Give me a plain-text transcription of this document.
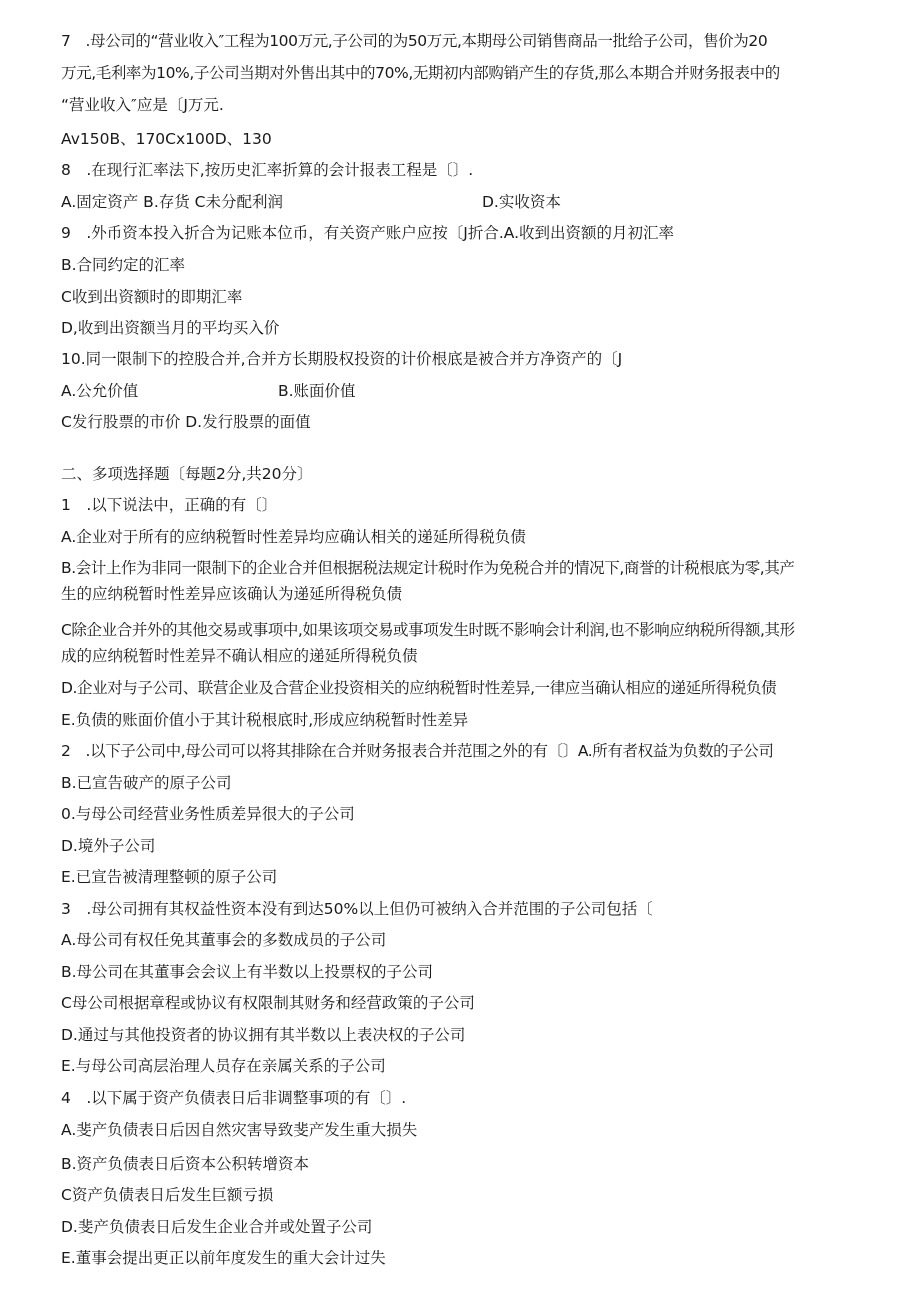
7　.母公司的“营业收入″工程为100万元,子公司的为50万元,本期母公司销售商品一批给子公司，售价为20
万元,毛利率为10%,子公司当期对外售出其中的70%,无期初内部购销产生的存货,那么本期合并财务报表中的
“营业收入″应是〔J万元.
Av150B、170Cх100D、130
8　.在现行汇率法下,按历史汇率折算的会计报表工程是〔〕.
A.固定资产 B.存货 C未分配利润	D.实收资本
9　.外币资本投入折合为记账本位币，有关资产账户应按〔J折合.A.收到出资额的月初汇率
B.合同约定的汇率
C收到出资额时的即期汇率
D,收到出资额当月的平均买入价
10.同一限制下的控股合并,合并方长期股权投资的计价根底是被合并方净资产的〔J
A.公允价值	B.账面价值
C发行股票的市价 D.发行股票的面值
二、多项选择题〔每题2分,共20分〕
1　.以下说法中，正确的有〔〕
A.企业对于所有的应纳税暂时性差异均应确认相关的递延所得税负债
B.会计上作为非同一限制下的企业合并但根据税法规定计税时作为免税合并的情况下,商誉的计税根底为零,其产
生的应纳税暂时性差异应该确认为递延所得税负债
C除企业合并外的其他交易或事项中,如果该项交易或事项发生时既不影响会计利润,也不影响应纳税所得额,其形
成的应纳税暂时性差异不确认相应的递延所得税负债
D.企业对与子公司、联营企业及合营企业投资相关的应纳税暂时性差异,一律应当确认相应的递延所得税负债
E.负债的账面价值小于其计税根底时,形成应纳税暂时性差异
2　.以下子公司中,母公司可以将其排除在合并财务报表合并范围之外的有〔〕A.所有者权益为负数的子公司
B.已宣告破产的原子公司
0.与母公司经营业务性质差异很大的子公司
D.境外子公司
E.已宣告被清理整顿的原子公司
3　.母公司拥有其权益性资本没有到达50%以上但仍可被纳入合并范围的子公司包括〔
A.母公司有权任免其董事会的多数成员的子公司
B.母公司在其董事会会议上有半数以上投票权的子公司
C母公司根据章程或协议有权限制其财务和经营政策的子公司
D.通过与其他投资者的协议拥有其半数以上表决权的子公司
E.与母公司高层治理人员存在亲属关系的子公司
4　.以下属于资产负债表日后非调整事项的有〔〕.
A.斐产负债表日后因自然灾害导致斐产发生重大损失
B.资产负债表日后资本公积转增资本
C资产负债表日后发生巨额亏损
D.斐产负债表日后发生企业合并或处置子公司
E.董事会提出更正以前年度发生的重大会计过失
